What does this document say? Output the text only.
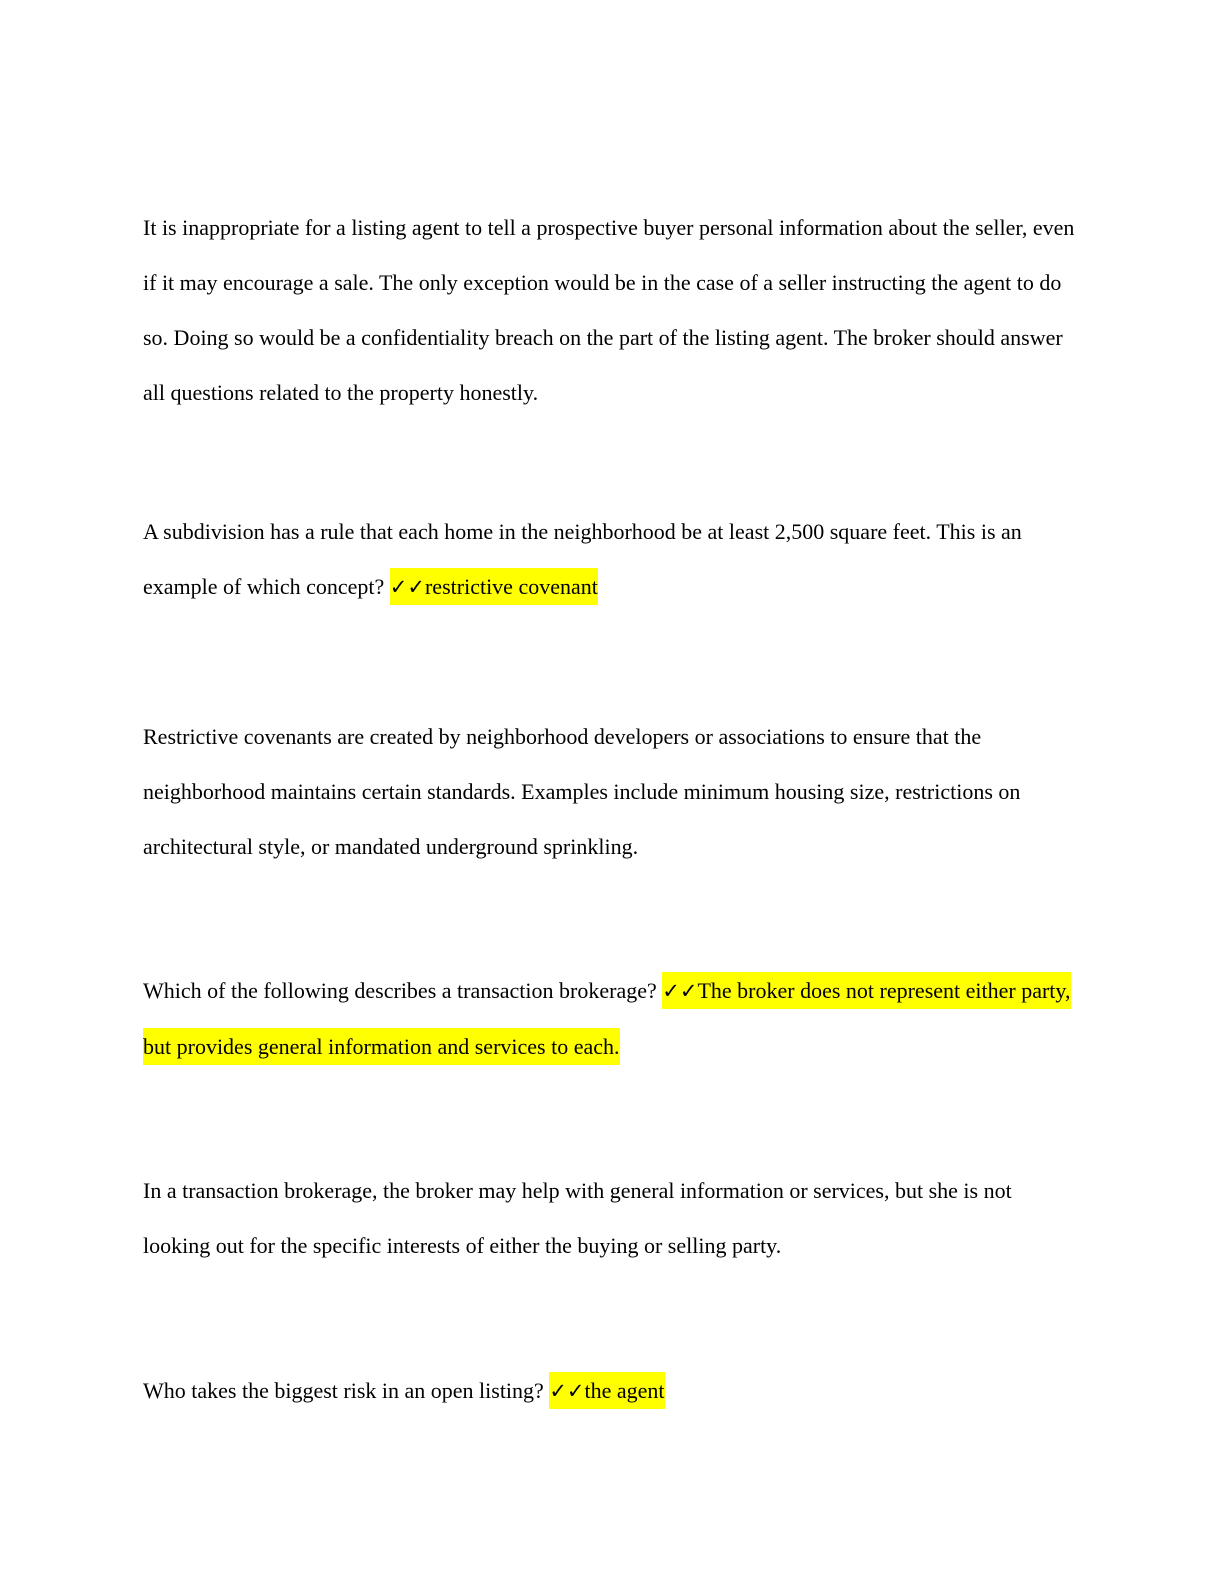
It is inappropriate for a listing agent to tell a prospective buyer personal information about the seller, even if it may encourage a sale. The only exception would be in the case of a seller instructing the agent to do so. Doing so would be a confidentiality breach on the part of the listing agent. The broker should answer all questions related to the property honestly.

A subdivision has a rule that each home in the neighborhood be at least 2,500 square feet. This is an example of which concept? ✓✓restrictive covenant

Restrictive covenants are created by neighborhood developers or associations to ensure that the neighborhood maintains certain standards. Examples include minimum housing size, restrictions on architectural style, or mandated underground sprinkling.

Which of the following describes a transaction brokerage? ✓✓The broker does not represent either party, but provides general information and services to each.

In a transaction brokerage, the broker may help with general information or services, but she is not looking out for the specific interests of either the buying or selling party.

Who takes the biggest risk in an open listing? ✓✓the agent
